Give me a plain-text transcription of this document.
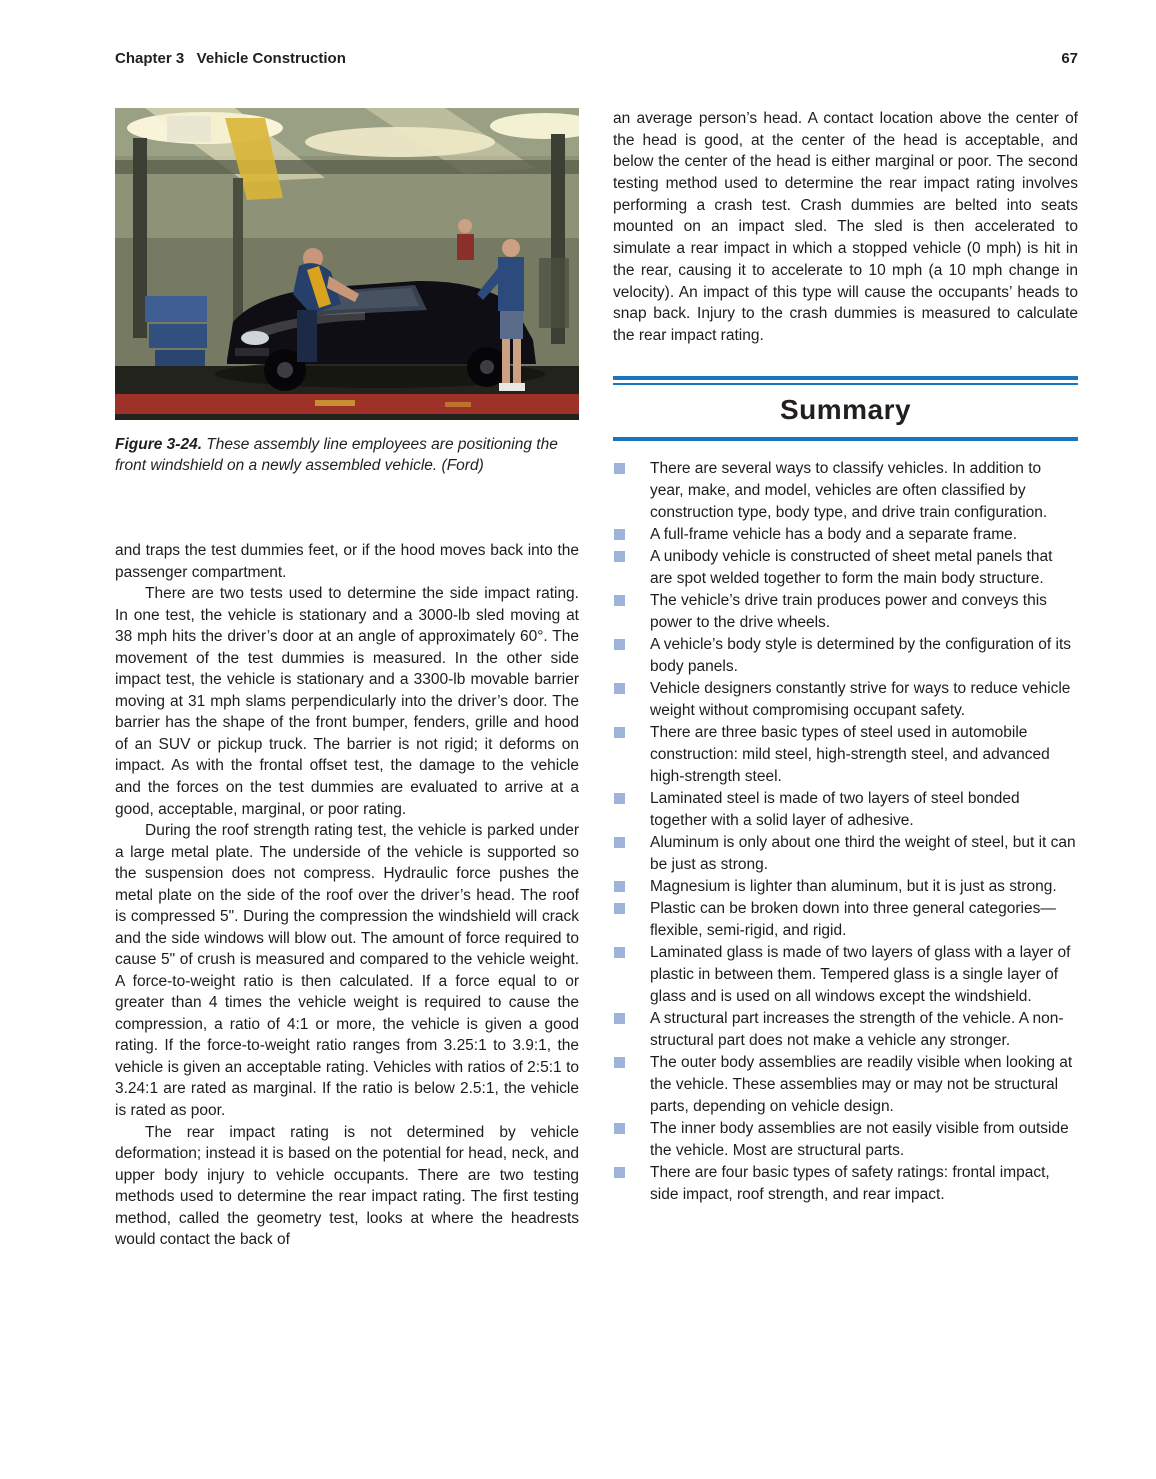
Chapter 3   Vehicle Construction	67
Figure 3-24. These assembly line employees are positioning the front windshield on a newly assembled vehicle. (Ford)

and traps the test dummies feet, or if the hood moves back into the passenger compartment.

There are two tests used to determine the side impact rating. In one test, the vehicle is stationary and a 3000-lb sled moving at 38 mph hits the driver’s door at an angle of approximately 60°. The movement of the test dummies is measured. In the other side impact test, the vehicle is stationary and a 3300-lb movable barrier moving at 31 mph slams perpendicularly into the driver’s door. The barrier has the shape of the front bumper, fenders, grille and hood of an SUV or pickup truck. The barrier is not rigid; it deforms on impact. As with the frontal offset test, the damage to the vehicle and the forces on the test dummies are evaluated to arrive at a good, acceptable, marginal, or poor rating.

During the roof strength rating test, the vehicle is parked under a large metal plate. The underside of the vehicle is supported so the suspension does not compress. Hydraulic force pushes the metal plate on the side of the roof over the driver’s head. The roof is compressed 5". During the compression the windshield will crack and the side windows will blow out. The amount of force required to cause 5" of crush is measured and compared to the vehicle weight. A force-to-weight ratio is then calculated. If a force equal to or greater than 4 times the vehicle weight is required to cause the compression, a ratio of 4:1 or more, the vehicle is given a good rating. If the force-to-weight ratio ranges from 3.25:1 to 3.9:1, the vehicle is given an acceptable rating. Vehicles with ratios of 2:5:1 to 3.24:1 are rated as marginal. If the ratio is below 2.5:1, the vehicle is rated as poor.

The rear impact rating is not determined by vehicle deformation; instead it is based on the potential for head, neck, and upper body injury to vehicle occupants. There are two testing methods used to determine the rear impact rating. The first testing method, called the geometry test, looks at where the headrests would contact the back of

an average person’s head. A contact location above the center of the head is good, at the center of the head is acceptable, and below the center of the head is either marginal or poor. The second testing method used to determine the rear impact rating involves performing a crash test. Crash dummies are belted into seats mounted on an impact sled. The sled is then accelerated to simulate a rear impact in which a stopped vehicle (0 mph) is hit in the rear, causing it to accelerate to 10 mph (a 10 mph change in velocity). An impact of this type will cause the occupants’ heads to snap back. Injury to the crash dummies is measured to calculate the rear impact rating.

Summary
There are several ways to classify vehicles. In addition to year, make, and model, vehicles are often classified by construction type, body type, and drive train configuration.
A full-frame vehicle has a body and a separate frame.
A unibody vehicle is constructed of sheet metal panels that are spot welded together to form the main body structure.
The vehicle’s drive train produces power and conveys this power to the drive wheels.
A vehicle’s body style is determined by the configuration of its body panels.
Vehicle designers constantly strive for ways to reduce vehicle weight without compromising occupant safety.
There are three basic types of steel used in automobile construction: mild steel, high-strength steel, and advanced high-strength steel.
Laminated steel is made of two layers of steel bonded together with a solid layer of adhesive.
Aluminum is only about one third the weight of steel, but it can be just as strong.
Magnesium is lighter than aluminum, but it is just as strong.
Plastic can be broken down into three general categories—flexible, semi-rigid, and rigid.
Laminated glass is made of two layers of glass with a layer of plastic in between them. Tempered glass is a single layer of glass and is used on all windows except the windshield.
A structural part increases the strength of the vehicle. A non-structural part does not make a vehicle any stronger.
The outer body assemblies are readily visible when looking at the vehicle. These assemblies may or may not be structural parts, depending on vehicle design.
The inner body assemblies are not easily visible from outside the vehicle. Most are structural parts.
There are four basic types of safety ratings: frontal impact, side impact, roof strength, and rear impact.
